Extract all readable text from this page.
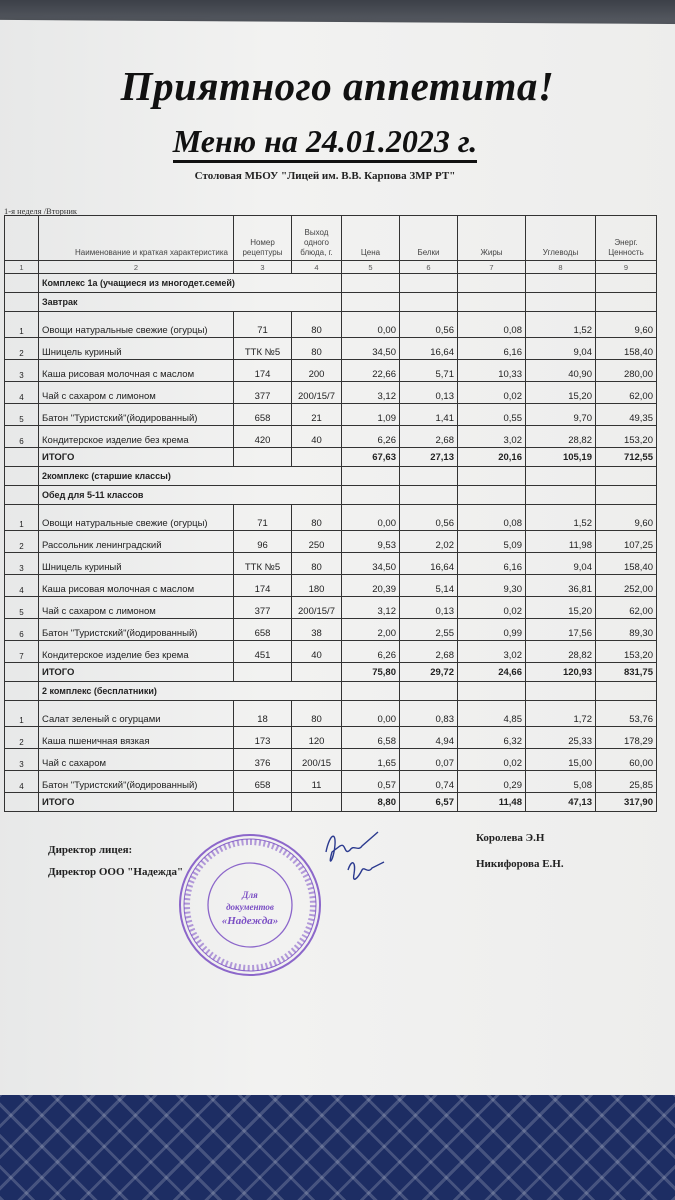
Приятного аппетита!
Меню на 24.01.2023 г.
Столовая МБОУ "Лицей им. В.В. Карпова ЗМР РТ"
1-я неделя /Вторник
	Наименование и краткая характеристика	Номер рецептуры	Выход одного блюда, г.	Цена	Белки	Жиры	Углеводы	Энерг. Ценность
1	2	3	4	5	6	7	8	9
	Комплекс 1а (учащиеся из многодет.семей)							
	Завтрак							
1	Овощи натуральные свежие (огурцы)	71	80	0,00	0,56	0,08	1,52	9,60
2	Шницель куриный	ТТК №5	80	34,50	16,64	6,16	9,04	158,40
3	Каша рисовая молочная с маслом	174	200	22,66	5,71	10,33	40,90	280,00
4	Чай с сахаром с лимоном	377	200/15/7	3,12	0,13	0,02	15,20	62,00
5	Батон "Туристский"(йодированный)	658	21	1,09	1,41	0,55	9,70	49,35
6	Кондитерское изделие без крема	420	40	6,26	2,68	3,02	28,82	153,20
	ИТОГО			67,63	27,13	20,16	105,19	712,55
	2комплекс (старшие классы)							
	Обед для 5-11 классов							
1	Овощи натуральные свежие (огурцы)	71	80	0,00	0,56	0,08	1,52	9,60
2	Рассольник ленинградский	96	250	9,53	2,02	5,09	11,98	107,25
3	Шницель куриный	ТТК №5	80	34,50	16,64	6,16	9,04	158,40
4	Каша рисовая молочная с маслом	174	180	20,39	5,14	9,30	36,81	252,00
5	Чай с сахаром с лимоном	377	200/15/7	3,12	0,13	0,02	15,20	62,00
6	Батон "Туристский"(йодированный)	658	38	2,00	2,55	0,99	17,56	89,30
7	Кондитерское изделие без крема	451	40	6,26	2,68	3,02	28,82	153,20
	ИТОГО			75,80	29,72	24,66	120,93	831,75
	2 комплекс (бесплатники)							
1	Салат зеленый с огурцами	18	80	0,00	0,83	4,85	1,72	53,76
2	Каша пшеничная вязкая	173	120	6,58	4,94	6,32	25,33	178,29
3	Чай с сахаром	376	200/15	1,65	0,07	0,02	15,00	60,00
4	Батон "Туристский"(йодированный)	658	11	0,57	0,74	0,29	5,08	25,85
	ИТОГО			8,80	6,57	11,48	47,13	317,90
Директор лицея:
Директор ООО "Надежда"
Королева Э.Н
Никифорова Е.Н.
Для
документов
«Надежда»
